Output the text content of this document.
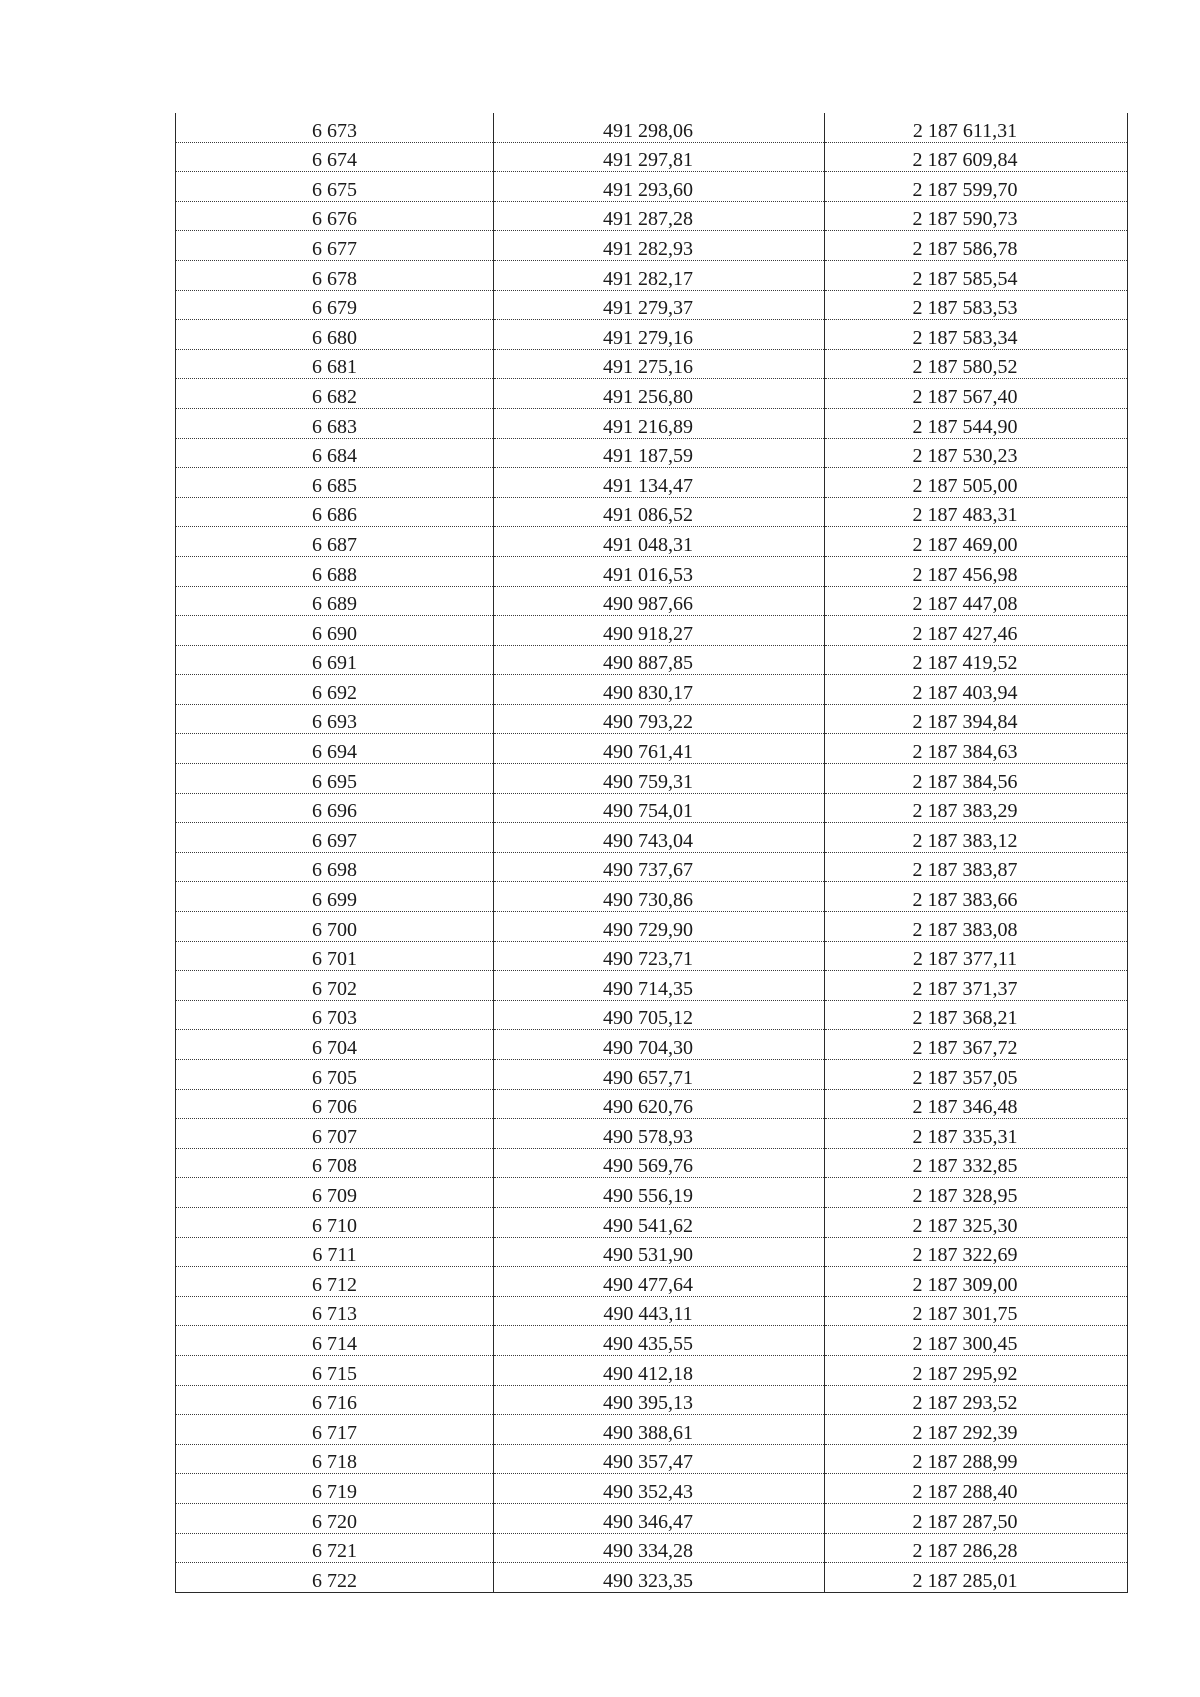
6 673	491 298,06	2 187 611,31
6 674	491 297,81	2 187 609,84
6 675	491 293,60	2 187 599,70
6 676	491 287,28	2 187 590,73
6 677	491 282,93	2 187 586,78
6 678	491 282,17	2 187 585,54
6 679	491 279,37	2 187 583,53
6 680	491 279,16	2 187 583,34
6 681	491 275,16	2 187 580,52
6 682	491 256,80	2 187 567,40
6 683	491 216,89	2 187 544,90
6 684	491 187,59	2 187 530,23
6 685	491 134,47	2 187 505,00
6 686	491 086,52	2 187 483,31
6 687	491 048,31	2 187 469,00
6 688	491 016,53	2 187 456,98
6 689	490 987,66	2 187 447,08
6 690	490 918,27	2 187 427,46
6 691	490 887,85	2 187 419,52
6 692	490 830,17	2 187 403,94
6 693	490 793,22	2 187 394,84
6 694	490 761,41	2 187 384,63
6 695	490 759,31	2 187 384,56
6 696	490 754,01	2 187 383,29
6 697	490 743,04	2 187 383,12
6 698	490 737,67	2 187 383,87
6 699	490 730,86	2 187 383,66
6 700	490 729,90	2 187 383,08
6 701	490 723,71	2 187 377,11
6 702	490 714,35	2 187 371,37
6 703	490 705,12	2 187 368,21
6 704	490 704,30	2 187 367,72
6 705	490 657,71	2 187 357,05
6 706	490 620,76	2 187 346,48
6 707	490 578,93	2 187 335,31
6 708	490 569,76	2 187 332,85
6 709	490 556,19	2 187 328,95
6 710	490 541,62	2 187 325,30
6 711	490 531,90	2 187 322,69
6 712	490 477,64	2 187 309,00
6 713	490 443,11	2 187 301,75
6 714	490 435,55	2 187 300,45
6 715	490 412,18	2 187 295,92
6 716	490 395,13	2 187 293,52
6 717	490 388,61	2 187 292,39
6 718	490 357,47	2 187 288,99
6 719	490 352,43	2 187 288,40
6 720	490 346,47	2 187 287,50
6 721	490 334,28	2 187 286,28
6 722	490 323,35	2 187 285,01
